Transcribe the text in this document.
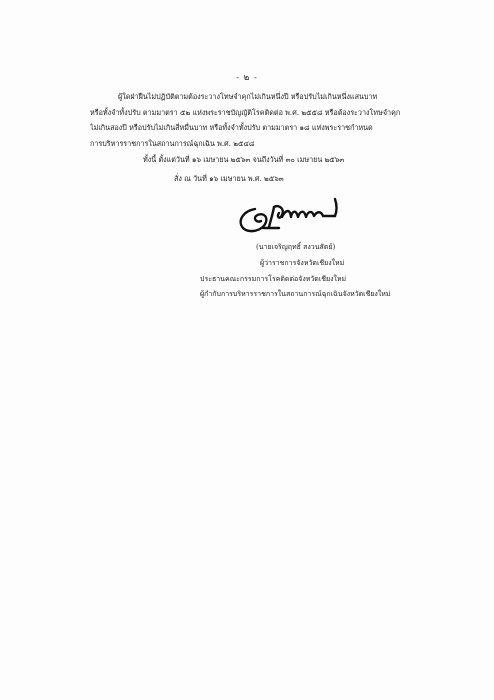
- ๒ -
ผู้ใดฝ่าฝืนไม่ปฏิบัติตามต้องระวางโทษจำคุกไม่เกินหนึ่งปี หรือปรับไม่เกินหนึ่งแสนบาท
หรือทั้งจำทั้งปรับ ตามมาตรา ๕๒ แห่งพระราชบัญญัติโรคติดต่อ พ.ศ. ๒๕๕๘ หรือต้องระวางโทษจำคุก
ไม่เกินสองปี หรือปรับไม่เกินสี่หมื่นบาท หรือทั้งจำทั้งปรับ ตามมาตรา ๑๘ แห่งพระราชกำหนด
การบริหารราชการในสถานการณ์ฉุกเฉิน พ.ศ. ๒๕๔๘
ทั้งนี้ ตั้งแต่วันที่ ๑๖ เมษายน ๒๕๖๓ จนถึงวันที่ ๓๐ เมษายน ๒๕๖๓
สั่ง ณ วันที่ ๑๖ เมษายน พ.ศ. ๒๕๖๓
(นายเจริญฤทธิ์ สงวนสัตย์)
ผู้ว่าราชการจังหวัดเชียงใหม่
ประธานคณะกรรมการโรคติดต่อจังหวัดเชียงใหม่
ผู้กำกับการบริหารราชการในสถานการณ์ฉุกเฉินจังหวัดเชียงใหม่
